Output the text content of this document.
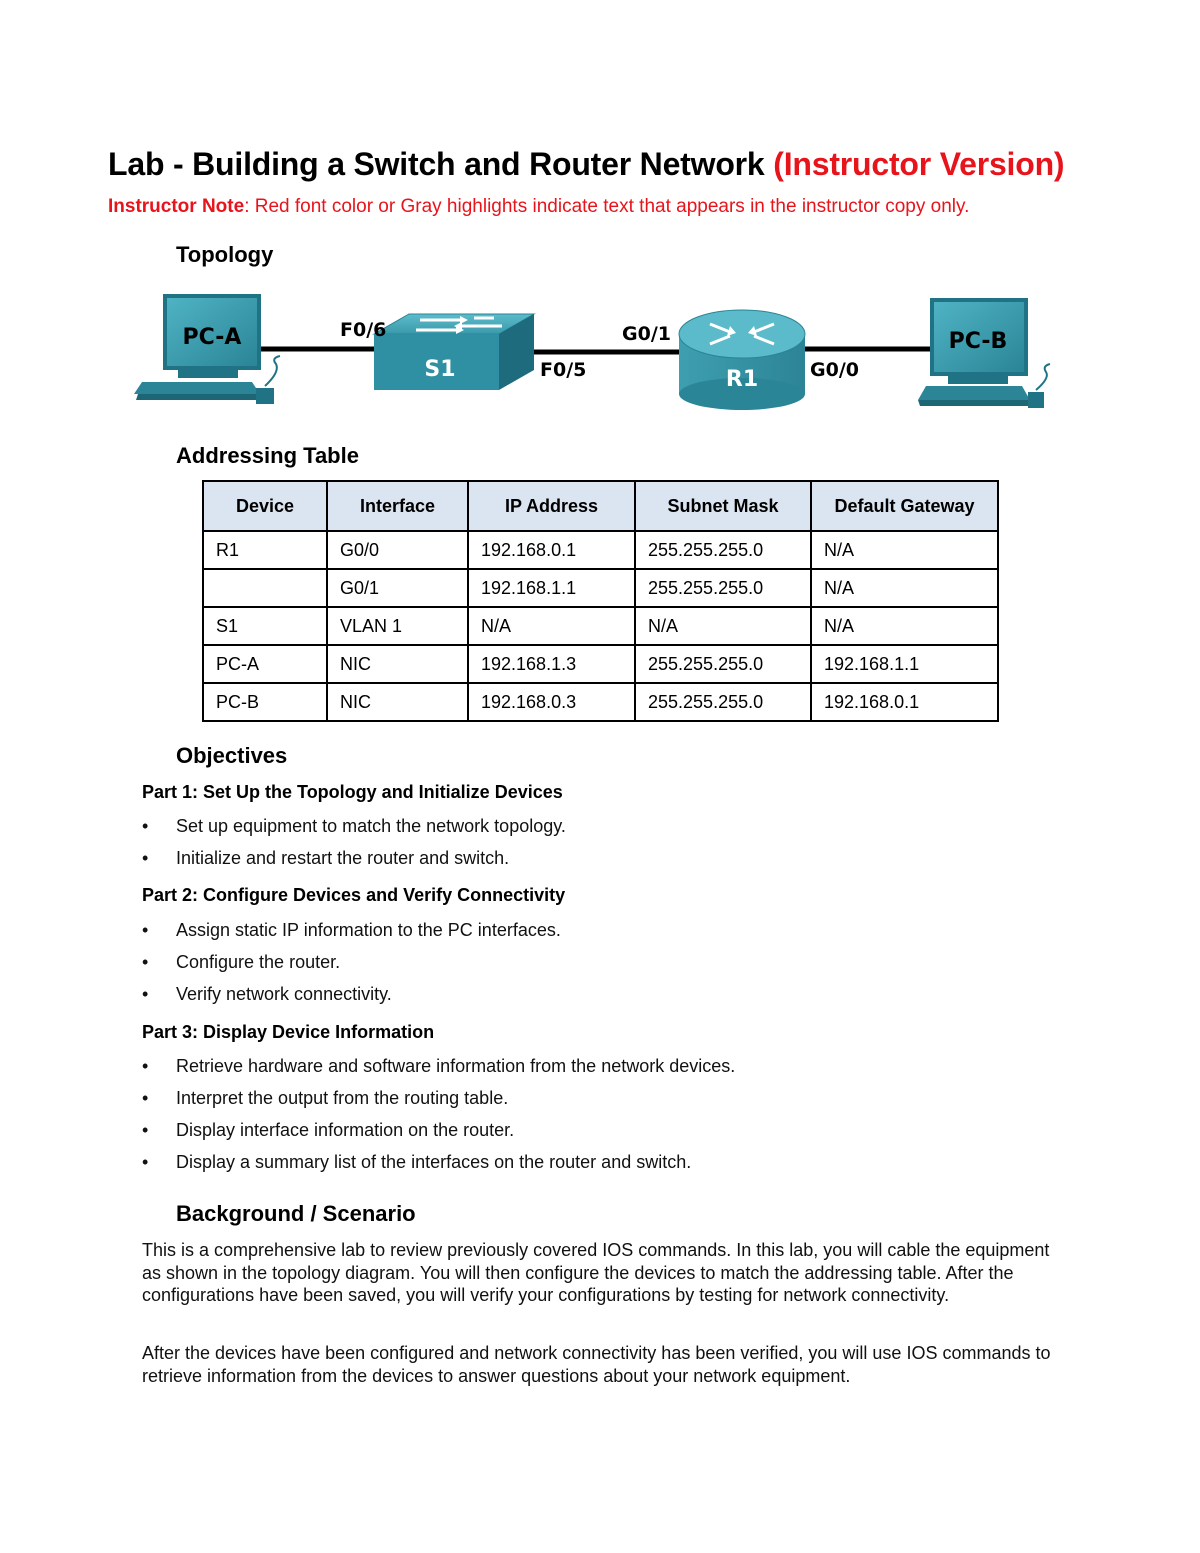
Lab - Building a Switch and Router Network (Instructor Version)
Instructor Note: Red font color or Gray highlights indicate text that appears in the instructor copy only.
Topology
PC-A
S1	R1
PC-B
F0/6
F0/5
G0/1
G0/0
Addressing Table
Device	Interface	IP Address	Subnet Mask	Default Gateway
R1	G0/0	192.168.0.1	255.255.255.0	N/A
	G0/1	192.168.1.1	255.255.255.0	N/A
S1	VLAN 1	N/A	N/A	N/A
PC-A	NIC	192.168.1.3	255.255.255.0	192.168.1.1
PC-B	NIC	192.168.0.3	255.255.255.0	192.168.0.1
Objectives
Part 1: Set Up the Topology and Initialize Devices
• Set up equipment to match the network topology.
• Initialize and restart the router and switch.
Part 2: Configure Devices and Verify Connectivity
• Assign static IP information to the PC interfaces.
• Configure the router.
• Verify network connectivity.
Part 3: Display Device Information
• Retrieve hardware and software information from the network devices.
• Interpret the output from the routing table.
• Display interface information on the router.
• Display a summary list of the interfaces on the router and switch.
Background / Scenario
This is a comprehensive lab to review previously covered IOS commands. In this lab, you will cable the equipment as shown in the topology diagram. You will then configure the devices to match the addressing table. After the configurations have been saved, you will verify your configurations by testing for network connectivity.
After the devices have been configured and network connectivity has been verified, you will use IOS commands to retrieve information from the devices to answer questions about your network equipment.
